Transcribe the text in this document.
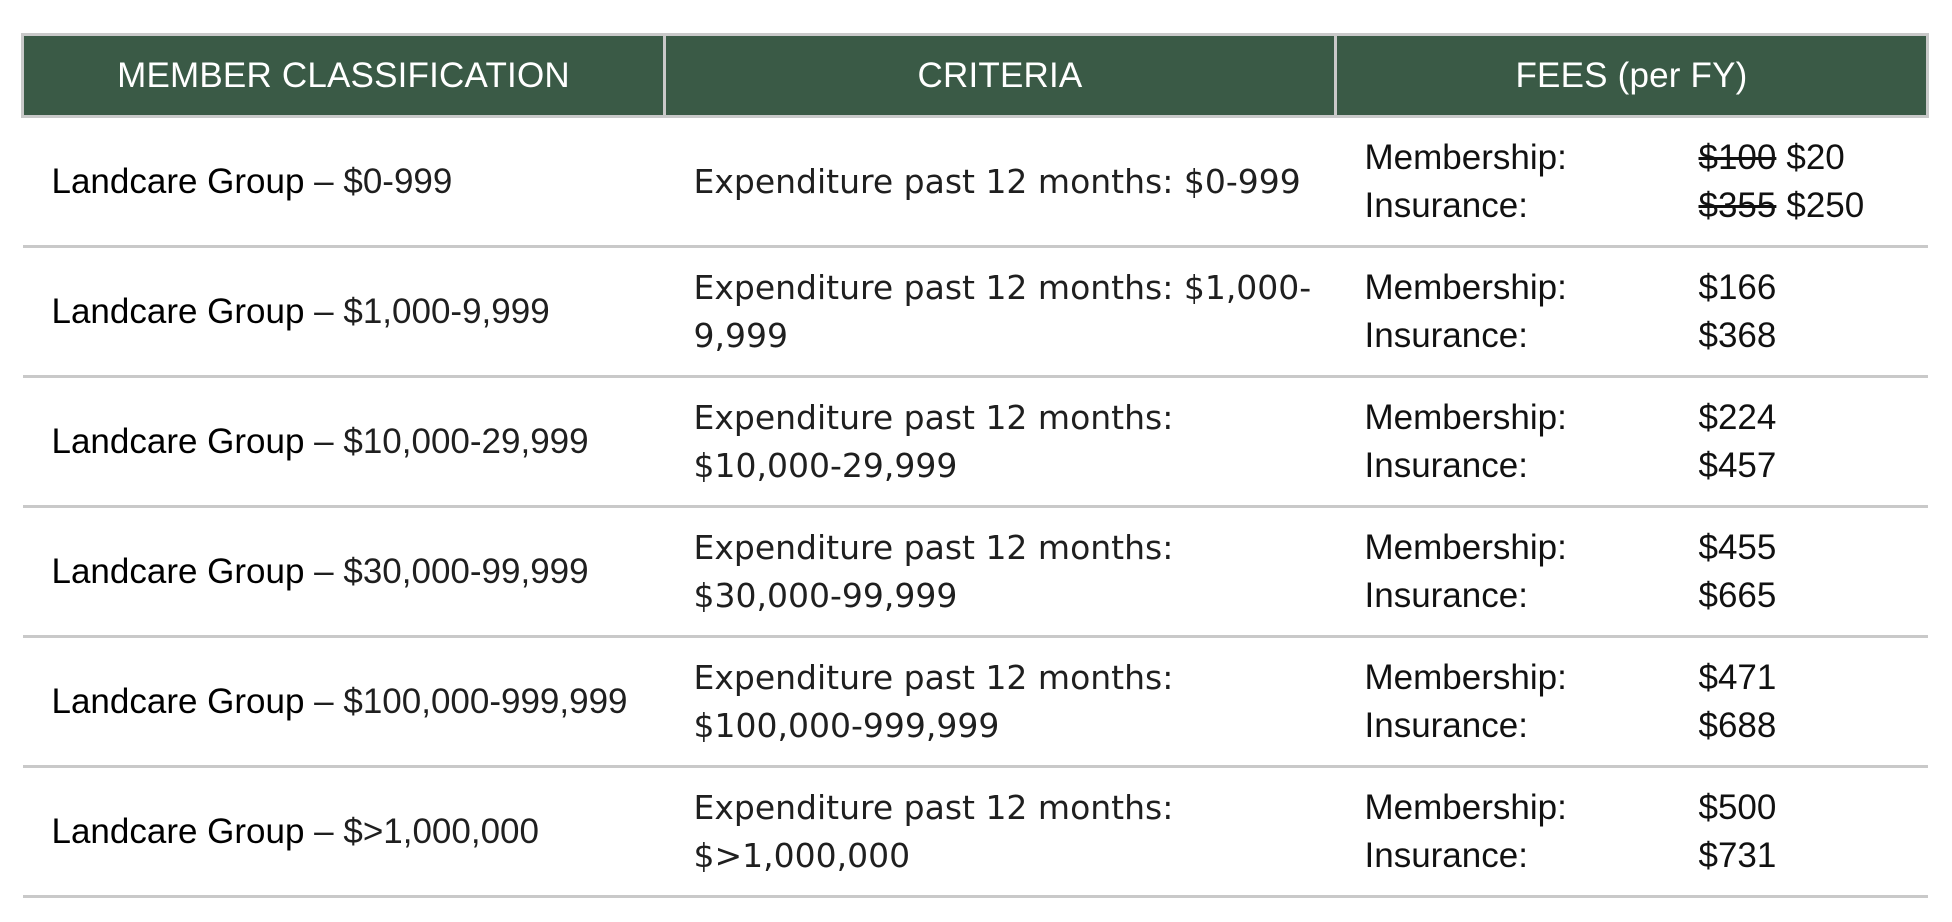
MEMBER CLASSIFICATION	CRITERIA	FEES (per FY)
Landcare Group – $0-999	Expenditure past 12 months: $0-999	Membership: $100 $20
Insurance: $355 $250

Landcare Group – $1,000-9,999	Expenditure past 12 months: $1,000-9,999	Membership: $166
Insurance: $368

Landcare Group – $10,000-29,999	Expenditure past 12 months: $10,000-29,999	Membership: $224
Insurance: $457

Landcare Group – $30,000-99,999	Expenditure past 12 months: $30,000-99,999	Membership: $455
Insurance: $665

Landcare Group – $100,000-999,999	Expenditure past 12 months: $100,000-999,999	Membership: $471
Insurance: $688

Landcare Group – $>1,000,000	Expenditure past 12 months: $>1,000,000	Membership: $500
Insurance: $731
